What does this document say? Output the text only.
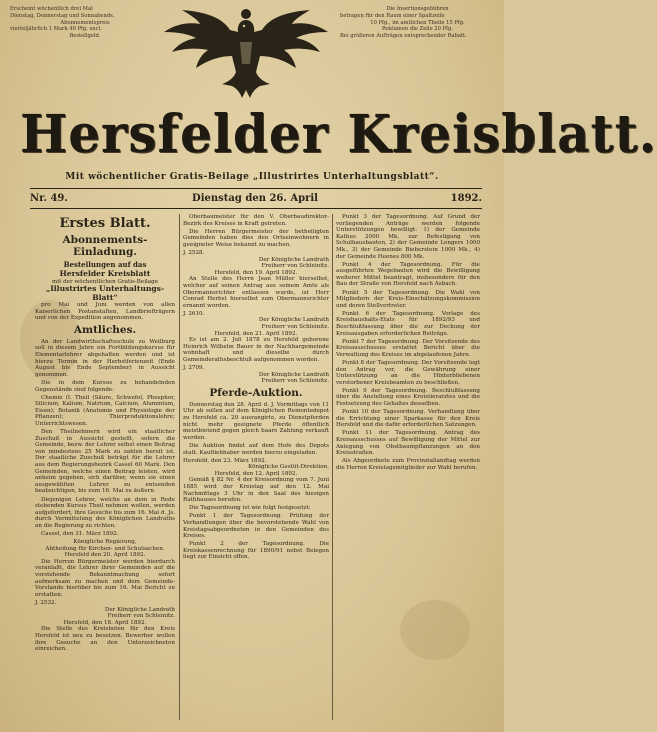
Erscheint wöchentlich drei Mal
Dienstag, Donnerstag und Sonnabends.
Abonnementspreis
vierteljährlich 1 Mark 40 Pfg. excl.
Bestellgeld.
Die Insertionsgebühren
betragen für den Raum einer Spaltzeile
10 Pfg., im amtlichen Theile 15 Pfg.
Reklamen die Zeile 20 Pfg.
Bei größeren Aufträgen entsprechender Rabatt.
Hersfelder Kreisblatt.
Mit wöchentlicher Gratis-Beilage „Illustrirtes Unterhaltungsblatt“.
Nr. 49.	Dienstag den 26. April	1892.
Erstes Blatt.
Abonnements-Einladung.
Bestellungen auf das
Hersfelder Kreisblatt
mit der wöchentlichen Gratis-Beilage
„Illustrirtes Unterhaltungs-Blatt“

pro Mai und Juni werden von allen Kaiserlichen Postanstalten, Landbriefträgern und von der Expedition angenommen.

Amtliches.

An der Landwirthschaftsschule zu Weilburg soll in diesem Jahre ein Fortbildungskursus für Elementarlehrer abgehalten werden und ist hierzu Termin in der Herbstferienzeit (Ende August bis Ende September) in Aussicht genommen.

Die in dem Kursus zu behandelnden Gegenstände sind folgende:

Chemie (I. Theil (Säure, Schwefel, Phosphor, Silicium, Kalium, Natrium, Calcium, Aluminium, Eisen); Botanik (Anatomie und Physiologie der Pflanzen); Thierproduktionslehre; Unterrichtswesen.

Den Theilnehmern wird ein staatlicher Zuschuß in Aussicht gestellt, sofern die Gemeinde, bezw. der Lehrer selbst einen Beitrag von mindestens 25 Mark zu zahlen bereit ist. Der staatliche Zuschuß beträgt für die Lehrer aus dem Regierungsbezirk Cassel 60 Mark. Den Gemeinden, welche einen Beitrag leisten, wird anheim gegeben, sich darüber, wenn sie einen ausgewählten Lehrer zu entsenden beabsichtigen, bis zum 16. Mai zu äußern.

Diejenigen Lehrer, welche an dem in Rede stehenden Kursus Theil nehmen wollen, werden aufgefordert, ihre Gesuche bis zum 16. Mai d. Js. durch Vermittelung des Königlichen Landraths an die Regierung zu richten.

Cassel, den 31. März 1892.

Königliche Regierung,
Abtheilung für Kirchen- und Schulsachen.
Hersfeld den 20. April 1892.

Die Herren Bürgermeister werden hierdurch veranlaßt, die Lehrer ihrer Gemeinden auf die vorstehende Bekanntmachung sofort aufmerksam zu machen und dem Gemeinde-Vorstande hierüber bis zum 16. Mai Bericht zu erstatten.

J. 2532.
Der Königliche Landrath
Freiherr von Schleinitz.
Hersfeld, den 18. April 1892.

Die Stelle des Kreisboten für den Kreis Hersfeld ist neu zu besetzen. Bewerber wollen ihre Gesuche an den Unterzeichneten einreichen.

Oberbaumeister für den V. Oberbaudirektor-Bezirk des Kreises in Kraft getreten.

Die Herren Bürgermeister der betheiligten Gemeinden haben dies den Ortseinwohnern in geeigneter Weise bekannt zu machen.

J. 2528.
Der Königliche Landrath
Freiherr von Schleinitz.
Hersfeld, den 19. April 1892.

An Stelle des Herrn Jean Müller hierselbst, welcher auf seinen Antrag aus seinem Amte als Obermannsrichter entlassen wurde, ist Herr Conrad Herbst hierselbst zum Obermannsrichter ernannt worden.

J. 2610.
Der Königliche Landrath
Freiherr von Schleinitz.
Hersfeld, den 21. April 1892.

Es ist am 2. Juli 1878 zu Hersfeld geborene Heinrich Wilhelm Bauer in der Nachbargemeinde wohnhaft und dieselbe durch Gemeinderathsbeschluß aufgenommen worden.

J. 2709.
Der Königliche Landrath
Freiherr von Schleinitz.
Pferde-Auktion.

Donnerstag den 28. April d. J. Vormittags von 11 Uhr ab sollen auf dem Königlichen Remontedepot zu Hersfeld ca. 20 ausrangirte, zu Dienstpferden nicht mehr geeignete Pferde öffentlich meistbietend gegen gleich baare Zahlung verkauft werden.

Die Auktion findet auf dem Hofe des Depots statt. Kaufliebhaber werden hierzu eingeladen.

Hersfeld, den 23. März 1892.
Königliche Gestüt-Direktion.
Hersfeld, den 12. April 1892.

Gemäß § 82 Nr. 4 der Kreisordnung vom 7. Juni 1885 wird der Kreistag auf den 12. Mai Nachmittags 3 Uhr in den Saal des hiesigen Rathhauses berufen.

Die Tagesordnung ist wie folgt festgesetzt:

Punkt 1 der Tagesordnung. Prüfung der Verhandlungen über die bevorstehende Wahl von Kreistagsabgeordneten in den Gemeinden des Kreises.

Punkt 2 der Tagesordnung. Die Kreiskassenrechnung für 1890/91 nebst Belegen liegt zur Einsicht offen.

Punkt 3 der Tagesordnung. Auf Grund der vorliegenden Anträge werden folgende Unterstützungen bewilligt: 1) der Gemeinde Kathus 2000 Mk. zur Befestigung von Schulhausbauten, 2) der Gemeinde Lengers 1000 Mk., 3) der Gemeinde Bieberstein 1000 Mk., 4) der Gemeinde Heenes 800 Mk.

Punkt 4 der Tagesordnung. Für die ausgeführten Wegebauten wird die Bewilligung weiterer Mittel beantragt, insbesondere für den Bau der Straße von Hersfeld nach Asbach.

Punkt 5 der Tagesordnung. Die Wahl von Mitgliedern der Kreis-Einschätzungskommission und deren Stellvertreter.

Punkt 6 der Tagesordnung. Vorlage des Kreishaushalts-Etats für 1892/93 und Beschlußfassung über die zur Deckung der Kreisausgaben erforderlichen Beiträge.

Punkt 7 der Tagesordnung. Der Vorsitzende des Kreisausschusses erstattet Bericht über die Verwaltung des Kreises im abgelaufenen Jahre.

Punkt 8 der Tagesordnung. Der Vorsitzende legt den Antrag vor, die Gewährung einer Unterstützung an die Hinterbliebenen verstorbener Kreisbeamten zu beschließen.

Punkt 9 der Tagesordnung. Beschlußfassung über die Anstellung eines Kreistierarztes und die Festsetzung des Gehaltes desselben.

Punkt 10 der Tagesordnung. Verhandlung über die Errichtung einer Sparkasse für den Kreis Hersfeld und die dafür erforderlichen Satzungen.

Punkt 11 der Tagesordnung. Antrag des Kreisausschusses auf Bewilligung der Mittel zur Anlegung von Obstbaumpflanzungen an den Kreisstraßen.

Als Abgeordnete zum Provinziallandtag werden die Herren Kreistagsmitglieder zur Wahl berufen.
